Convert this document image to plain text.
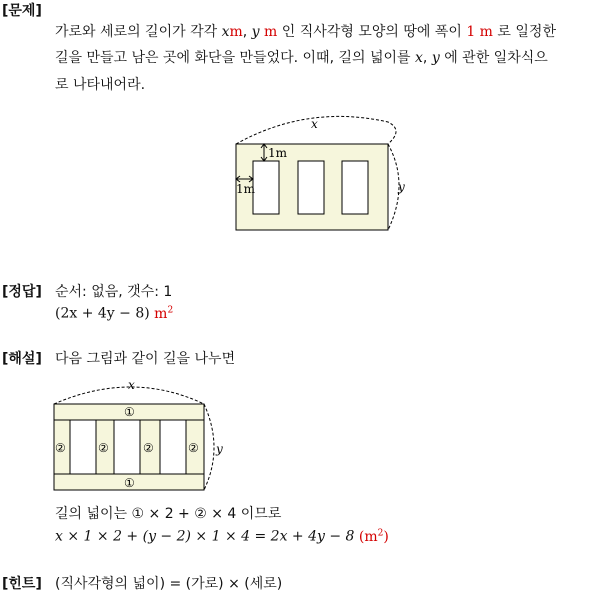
[문제]
가로와 세로의 길이가 각각 xm, y m 인 직사각형 모양의 땅에 폭이 1 m 로 일정한
길을 만들고 남은 곳에 화단을 만들었다. 이때, 길의 넓이를 x, y 에 관한 일차식으
로 나타내어라.
x
y
1m
1m
[정답] 순서: 없음, 갯수: 1
(2x + 4y − 8) $m^2$
[해설] 다음 그림과 같이 길을 나누면
x
y
①
①
②	②	②	②
길의 넓이는 ① × 2 + ② × 4 이므로
x × 1 × 2 + (y − 2) × 1 × 4 = 2x + 4y − 8 $(m^2)$
[힌트] (직사각형의 넓이) = (가로) × (세로)
